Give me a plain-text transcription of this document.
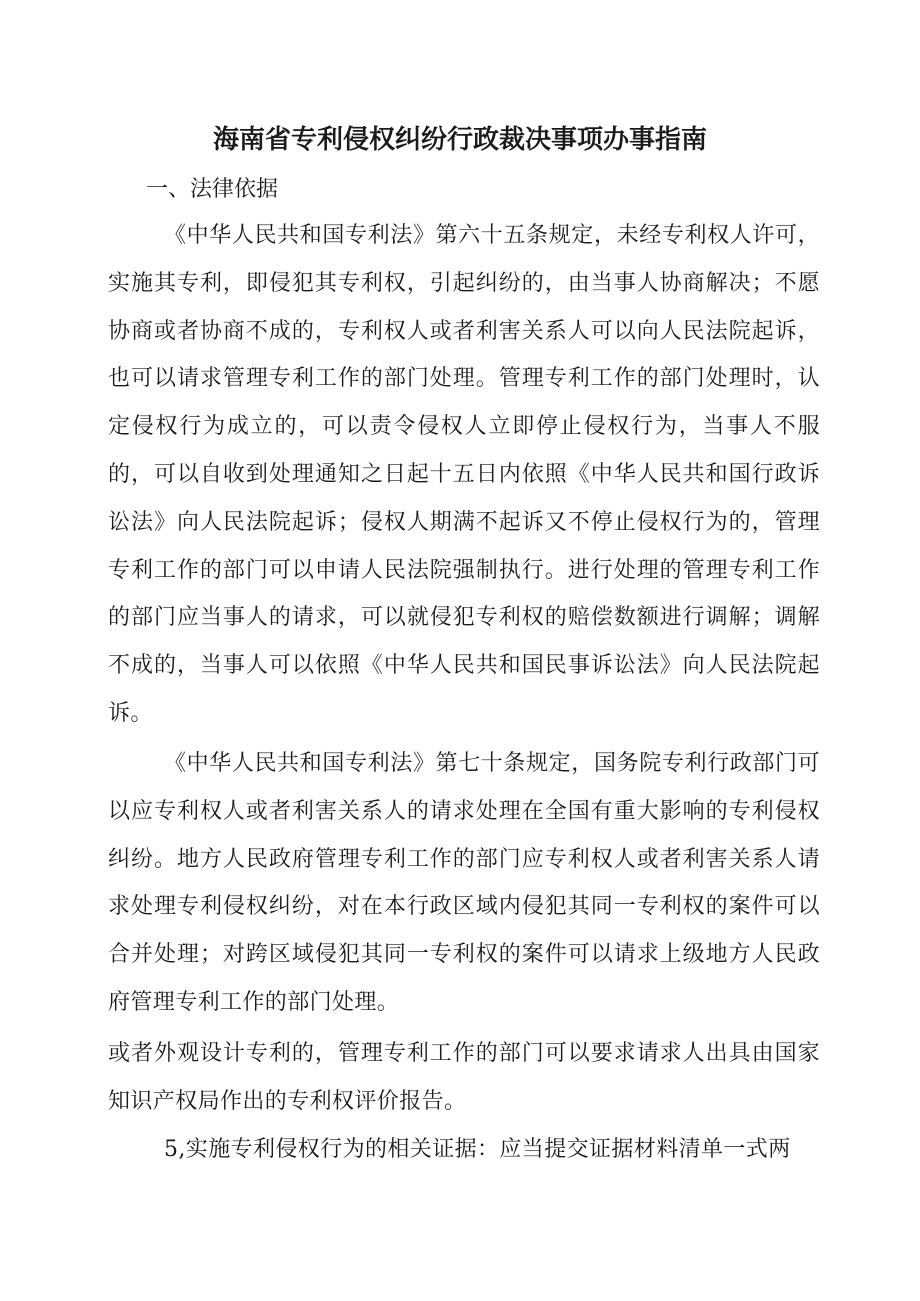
海南省专利侵权纠纷行政裁决事项办事指南
一、法律依据

《中华人民共和国专利法》第六十五条规定，未经专利权人许可，实施其专利，即侵犯其专利权，引起纠纷的，由当事人协商解决；不愿协商或者协商不成的，专利权人或者利害关系人可以向人民法院起诉，也可以请求管理专利工作的部门处理。管理专利工作的部门处理时，认定侵权行为成立的，可以责令侵权人立即停止侵权行为，当事人不服的，可以自收到处理通知之日起十五日内依照《中华人民共和国行政诉讼法》向人民法院起诉；侵权人期满不起诉又不停止侵权行为的，管理专利工作的部门可以申请人民法院强制执行。进行处理的管理专利工作的部门应当事人的请求，可以就侵犯专利权的赔偿数额进行调解；调解不成的，当事人可以依照《中华人民共和国民事诉讼法》向人民法院起诉。

《中华人民共和国专利法》第七十条规定，国务院专利行政部门可以应专利权人或者利害关系人的请求处理在全国有重大影响的专利侵权纠纷。地方人民政府管理专利工作的部门应专利权人或者利害关系人请求处理专利侵权纠纷，对在本行政区域内侵犯其同一专利权的案件可以合并处理；对跨区域侵犯其同一专利权的案件可以请求上级地方人民政府管理专利工作的部门处理。

或者外观设计专利的，管理专利工作的部门可以要求请求人出具由国家知识产权局作出的专利权评价报告。

5,实施专利侵权行为的相关证据：应当提交证据材料清单一式两
